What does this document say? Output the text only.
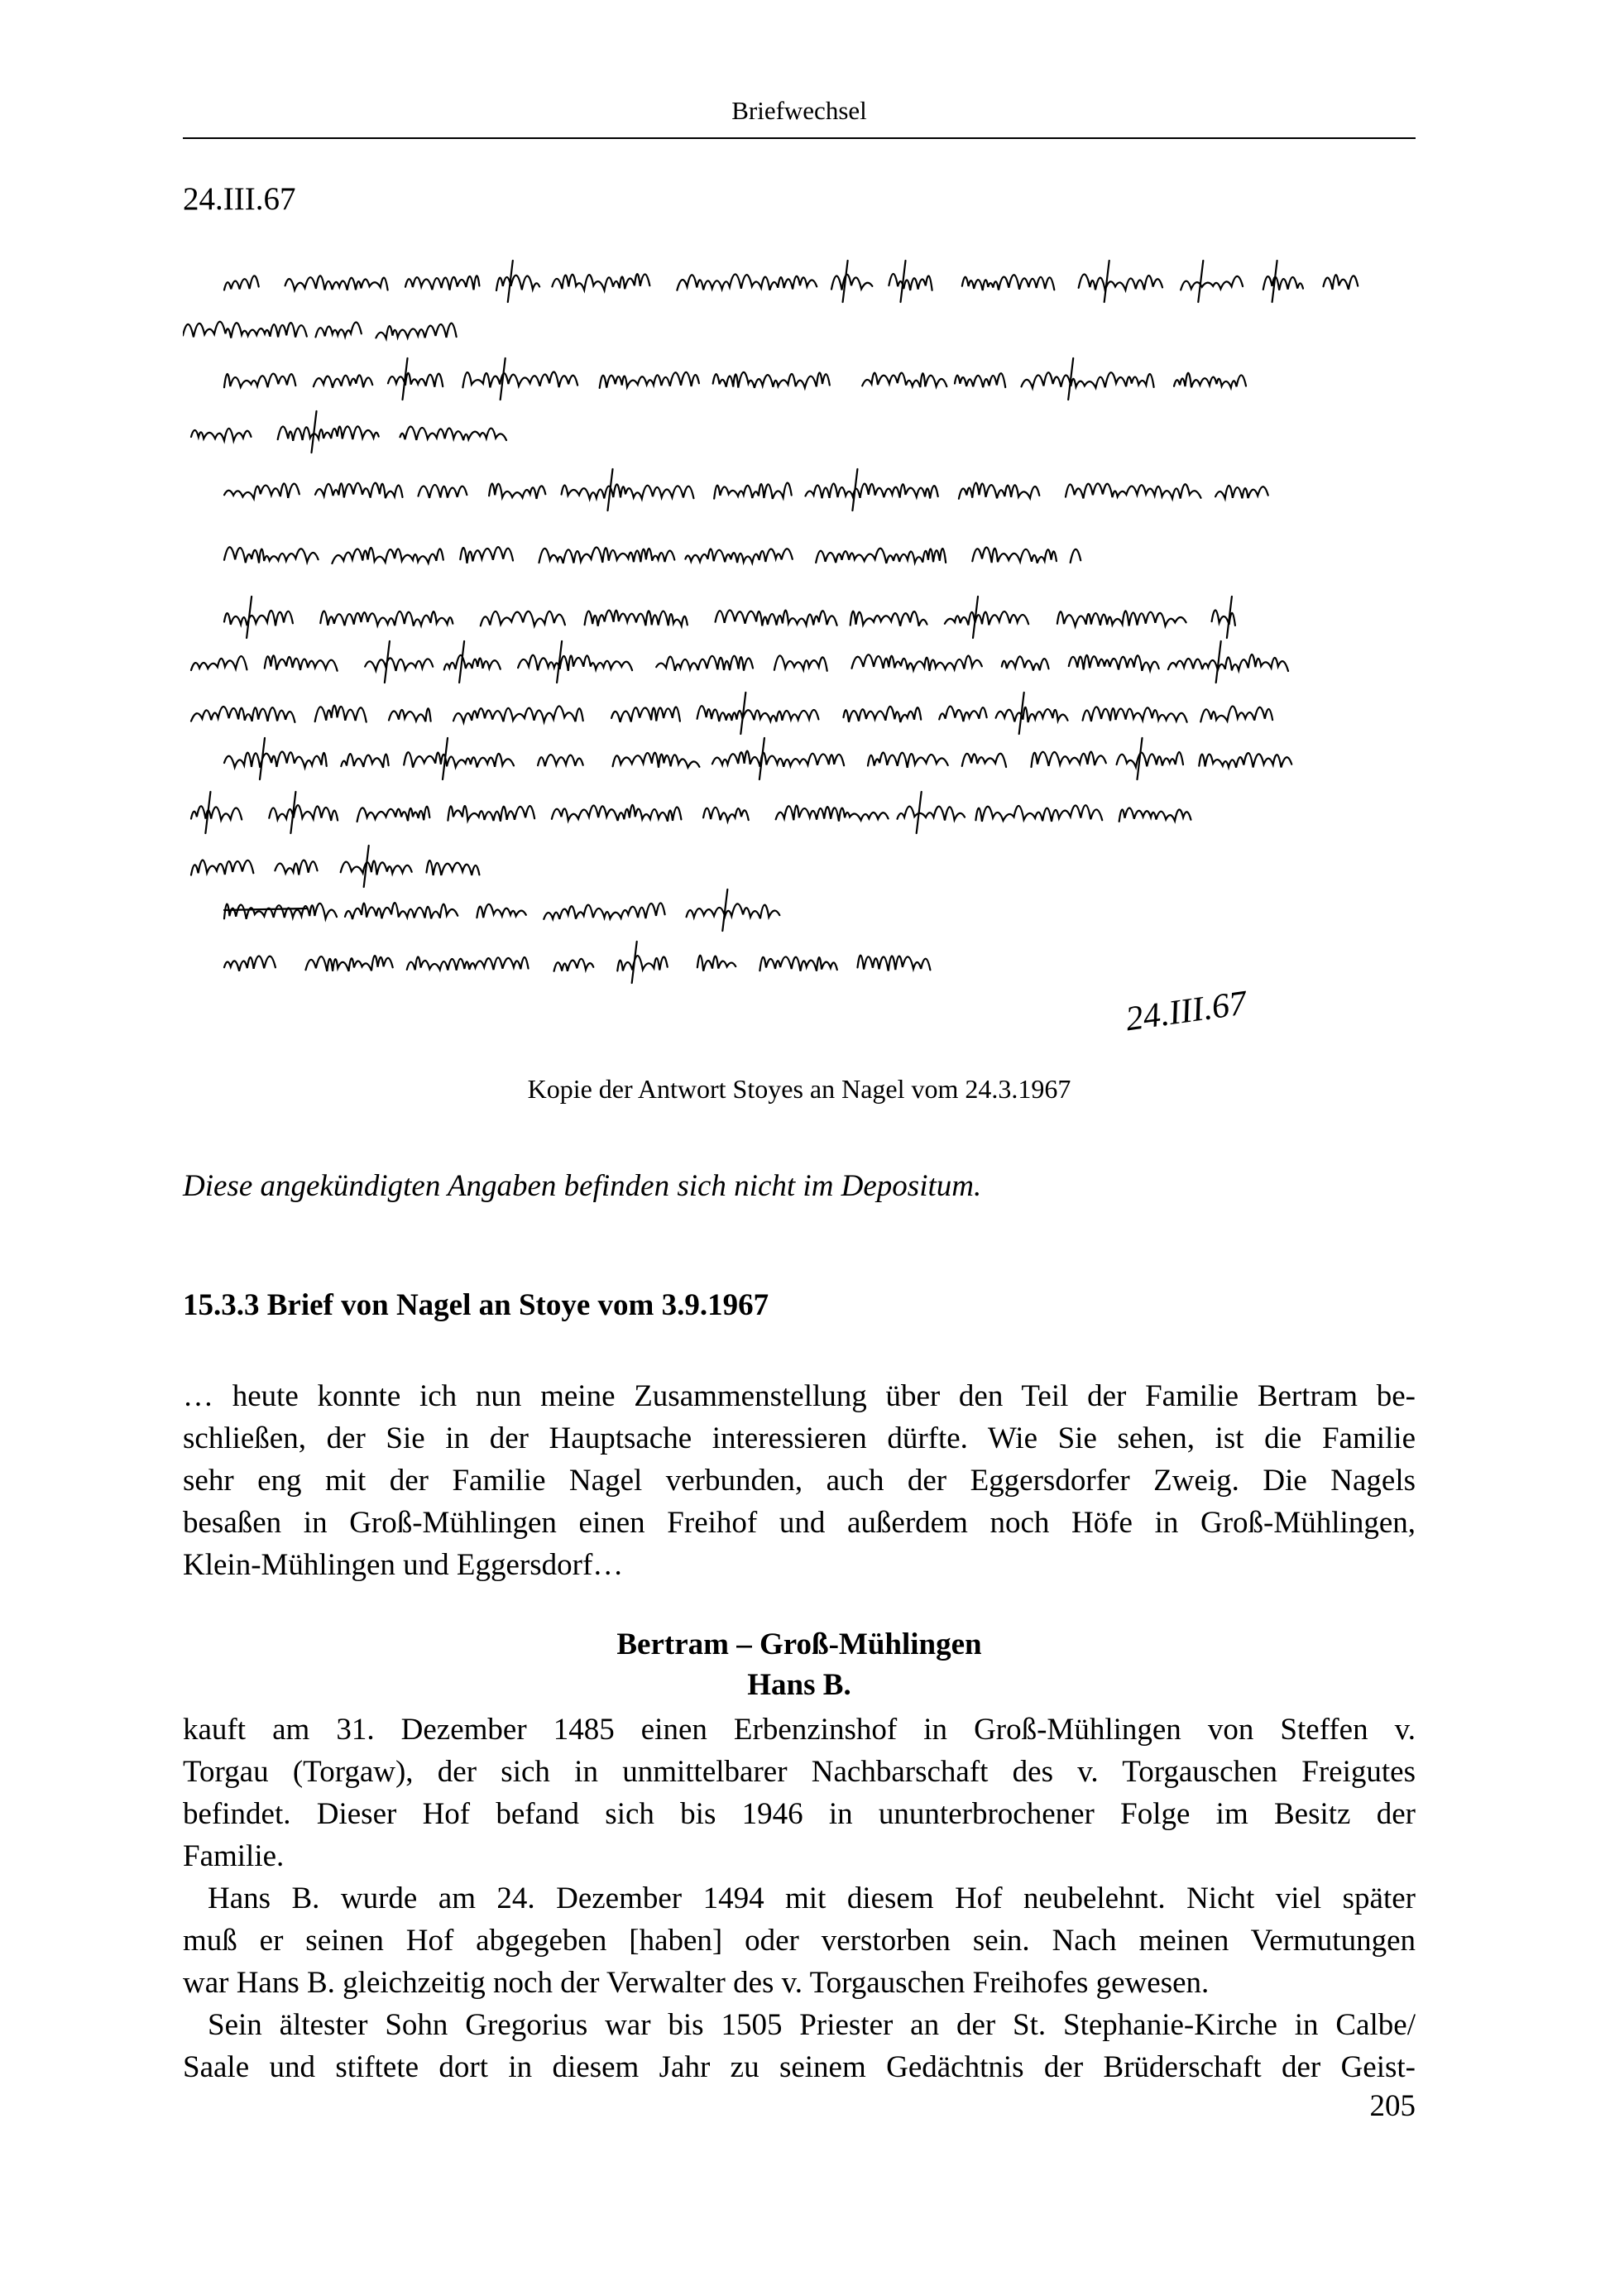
Briefwechsel
24.III.67
24.III.67
Kopie der Antwort Stoyes an Nagel vom 24.3.1967
Diese angekündigten Angaben befinden sich nicht im Depositum.
15.3.3 Brief von Nagel an Stoye vom 3.9.1967
… heute konnte ich nun meine Zusammenstellung über den Teil der Familie Bertram be-
schließen, der Sie in der Hauptsache interessieren dürfte. Wie Sie sehen, ist die Familie
sehr eng mit der Familie Nagel verbunden, auch der Eggersdorfer Zweig. Die Nagels
besaßen in Groß-Mühlingen einen Freihof und außerdem noch Höfe in Groß-Mühlingen,
Klein-Mühlingen und Eggersdorf…
Bertram – Groß-Mühlingen
Hans B.
kauft am 31. Dezember 1485 einen Erbenzinshof in Groß-Mühlingen von Steffen v.
Torgau (Torgaw), der sich in unmittelbarer Nachbarschaft des v. Torgauschen Freigutes
befindet. Dieser Hof befand sich bis 1946 in ununterbrochener Folge im Besitz der
Familie.
Hans B. wurde am 24. Dezember 1494 mit diesem Hof neubelehnt. Nicht viel später
muß er seinen Hof abgegeben [haben] oder verstorben sein. Nach meinen Vermutungen
war Hans B. gleichzeitig noch der Verwalter des v. Torgauschen Freihofes gewesen.
Sein ältester Sohn Gregorius war bis 1505 Priester an der St. Stephanie-Kirche in Calbe/
Saale und stiftete dort in diesem Jahr zu seinem Gedächtnis der Brüderschaft der Geist-
205
